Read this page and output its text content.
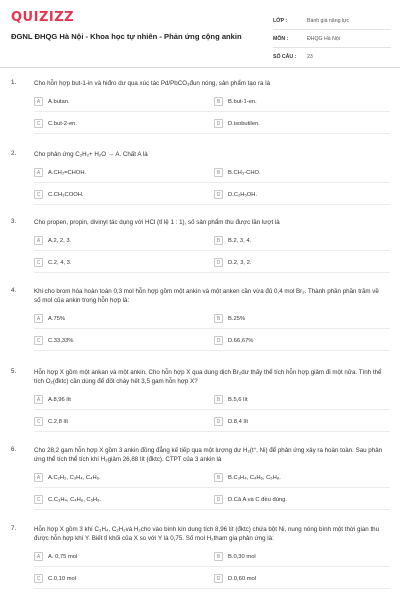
QUIZIZZ
ĐGNL ĐHQG Hà Nội - Khoa học tự nhiên - Phản ứng cộng ankin
LỚP :	Bánh giá năng lực
MÔN :	ĐHQG Hà Nội
SỐ CÂU :	23
1.	Cho hỗn hợp but-1-in và hiđro dư qua xúc tác Pd/PbCO₃đun nóng, sản phẩm tạo ra là
A	A.butan.	B	B.but-1-en.
C	C.but-2-en.	D	D.isobutilen.
2.	Cho phản ứng C₂H₂+ H₂O → A. Chất A là
A	A.CH₂=CHOH.	B	B.CH₃-CHO.
C	C.CH₃COOH.	D	D.C₂H₅OH.
3.	Cho propen, propin, divinyl tác dụng với HCl (tỉ lệ 1 : 1), số sản phẩm thu được lần lượt là
A	A.2, 2, 3.	B	B.2, 3, 4.
C	C.2, 4, 3.	D	D.2, 3, 2.
4.	Khi cho brom hóa hoàn toàn 0,3 mol hỗn hợp gồm một ankin và một anken cần vừa đủ 0,4 mol Br₂. Thành phần phần trăm về số mol của ankin trong hỗn hợp là:
A	A.75%	B	B.25%
C	C.33,33%	D	D.66,67%
5.	Hỗn hợp X gồm một ankan và một ankin. Cho hỗn hợp X qua dung dịch Br₂dư thấy thể tích hỗn hợp giảm đi một nửa. Tính thể tích O₂(đktc) cần dùng để đốt cháy hết 3,5 gam hỗn hợp X?
A	A.8,96 lít	B	B.5,6 lít
C	C.2,8 lít	D	D.8,4 lít
6.	Cho 28,2 gam hỗn hợp X gồm 3 ankin đồng đẳng kế tiếp qua một lượng dư H₂(t°, Ni) để phản ứng xảy ra hoàn toàn. Sau phản ứng thể tích thể tích khí H₂giảm 26,88 lít (đktc). CTPT của 3 ankin là
A	A.C₂H₂, C₃H₄, C₄H₆.	B	B.C₃H₄, C₄H₆, C₅H₈.
C	C.C₃H₄, C₄H₆, C₅H₈.	D	D.Cả A và C đều đúng.
7.	Hỗn hợp X gồm 3 khí C₃H₄, C₂H₂và H₂cho vào bình kín dung tích 8,96 lít (đktc) chứa bột Ni, nung nóng bình một thời gian thu được hỗn hợp khí Y. Biết tỉ khối của X so với Y là 0,75. Số mol H₂tham gia phản ứng là:
A	A. 0,75 mol	B	B.0,30 mol
C	C.0,10 mol	D	D.0,60 mol
